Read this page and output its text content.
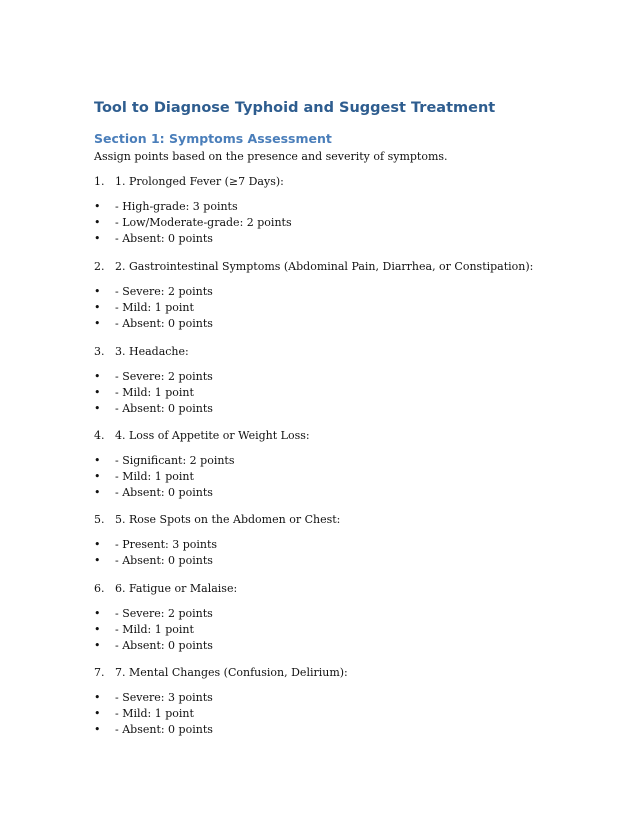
Tool to Diagnose Typhoid and Suggest Treatment
Section 1: Symptoms Assessment
Assign points based on the presence and severity of symptoms.
1. 1. Prolonged Fever (≥7 Days):
• - High-grade: 3 points
• - Low/Moderate-grade: 2 points
• - Absent: 0 points
2. 2. Gastrointestinal Symptoms (Abdominal Pain, Diarrhea, or Constipation):
• - Severe: 2 points
• - Mild: 1 point
• - Absent: 0 points
3. 3. Headache:
• - Severe: 2 points
• - Mild: 1 point
• - Absent: 0 points
4. 4. Loss of Appetite or Weight Loss:
• - Significant: 2 points
• - Mild: 1 point
• - Absent: 0 points
5. 5. Rose Spots on the Abdomen or Chest:
• - Present: 3 points
• - Absent: 0 points
6. 6. Fatigue or Malaise:
• - Severe: 2 points
• - Mild: 1 point
• - Absent: 0 points
7. 7. Mental Changes (Confusion, Delirium):
• - Severe: 3 points
• - Mild: 1 point
• - Absent: 0 points
